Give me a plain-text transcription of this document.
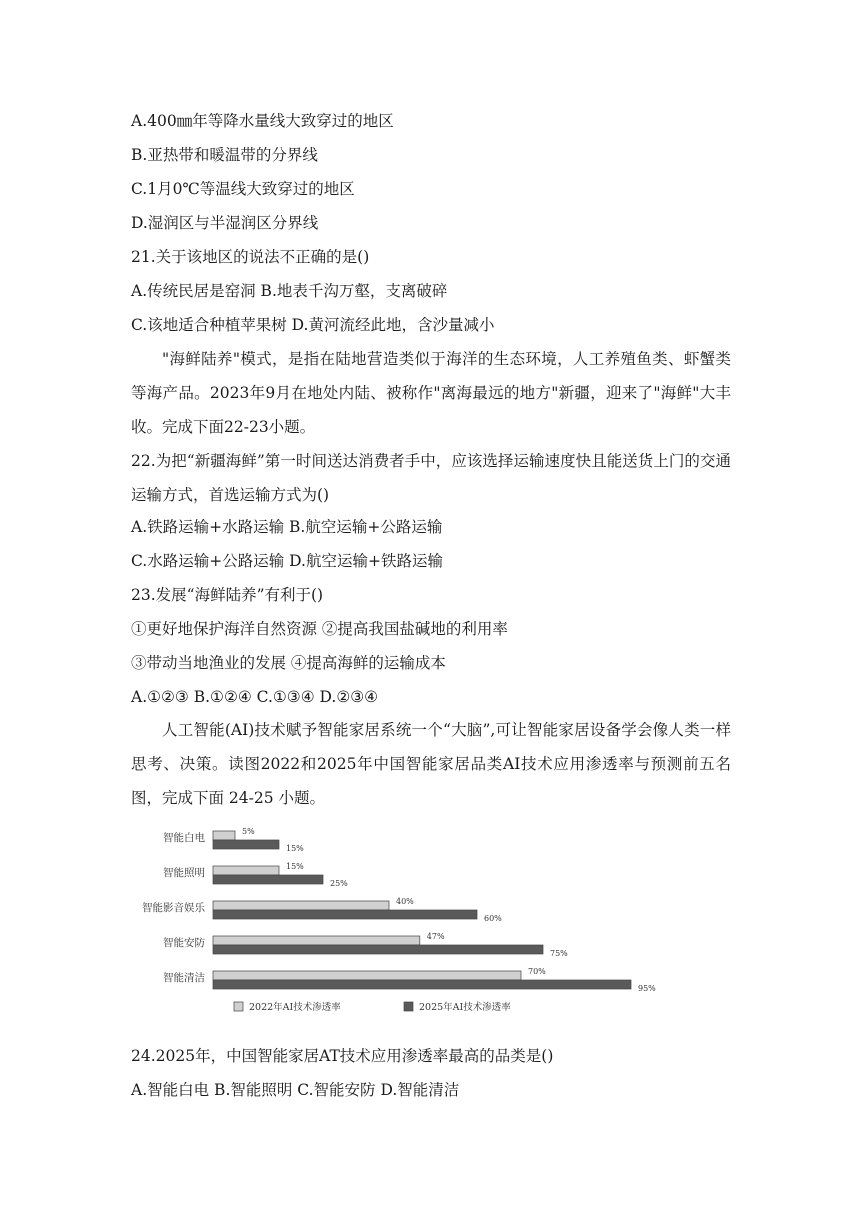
A.400㎜年等降水量线大致穿过的地区
B.亚热带和暖温带的分界线
C.1月0℃等温线大致穿过的地区
D.湿润区与半湿润区分界线
21.关于该地区的说法不正确的是()
A.传统民居是窑洞 B.地表千沟万壑，支离破碎
C.该地适合种植苹果树 D.黄河流经此地，含沙量减小

"海鲜陆养"模式，是指在陆地营造类似于海洋的生态环境，人工养殖鱼类、虾蟹类等海产品。2023年9月在地处内陆、被称作"离海最远的地方"新疆，迎来了"海鲜"大丰收。完成下面22-23小题。

22.为把“新疆海鲜”第一时间送达消费者手中，应该选择运输速度快且能送货上门的交通运输方式，首选运输方式为()

A.铁路运输+水路运输 B.航空运输+公路运输
C.水路运输+公路运输 D.航空运输+铁路运输
23.发展“海鲜陆养”有利于()
①更好地保护海洋自然资源 ②提高我国盐碱地的利用率
③带动当地渔业的发展 ④提高海鲜的运输成本
A.①②③ B.①②④ C.①③④ D.②③④

人工智能(AI)技术赋予智能家居系统一个“大脑”,可让智能家居设备学会像人类一样思考、决策。读图2022和2025年中国智能家居品类AI技术应用渗透率与预测前五名图，完成下面 24-25 小题。

智能白电
5%
15%
智能照明
15%
25%
智能影音娱乐
40%
60%
智能安防
47%
75%
智能清洁
70%
95%
2022年AI技术渗透率	2025年AI技术渗透率
24.2025年，中国智能家居AT技术应用渗透率最高的品类是()
A.智能白电 B.智能照明 C.智能安防 D.智能清洁
